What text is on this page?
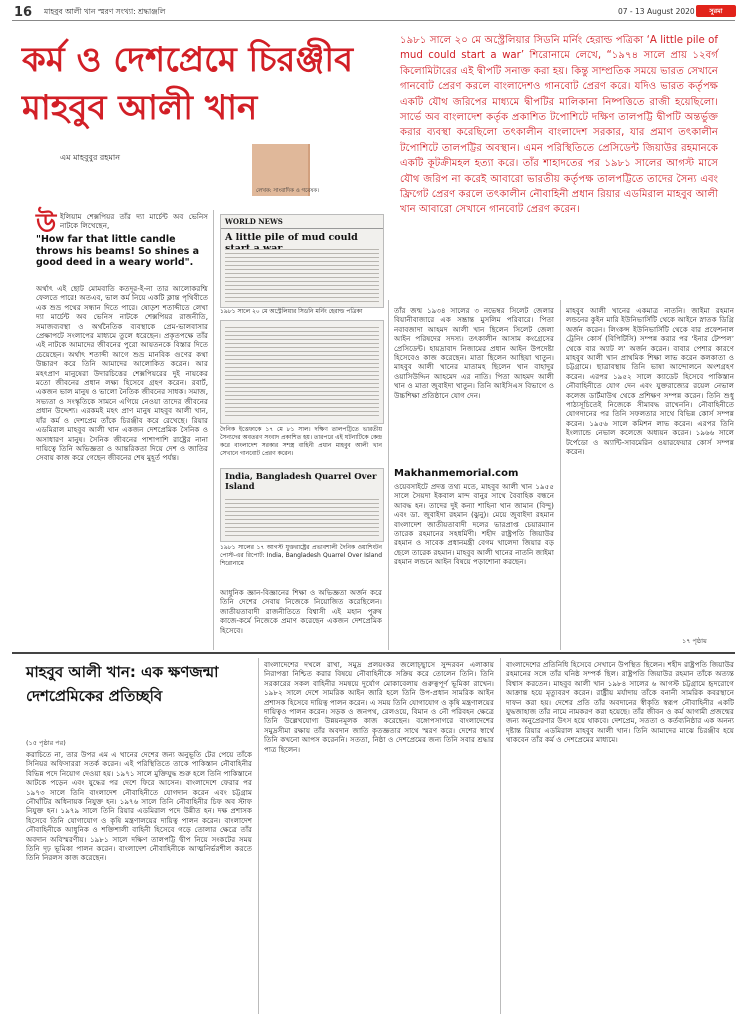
16 মাহবুব আলী খান স্মরণ সংখ্যা: শ্রদ্ধাঞ্জলি	07 - 13 August 2020	সুরমা
কর্ম ও দেশপ্রেমে চিরঞ্জীব মাহবুব আলী খান
১৯৮১ সালে ২০ মে অস্ট্রেলিয়ার সিডনি মর্নিং হেরাল্ড পত্রিকা ‘A little pile of mud could start a war’ শিরোনামে লেখে, “১৯৭৪ সালে প্রায় ১২বর্গ কিলোমিটারের এই দ্বীপটি সনাক্ত করা হয়। কিন্তু সাম্প্রতিক সময়ে ভারত সেখানে গানবোট প্রেরণ করলে বাংলাদেশও গানবোট প্রেরণ করে। যদিও ভারত কর্তৃপক্ষ একটি যৌথ জরিপের মাধ্যমে দ্বীপটির মালিকানা নিষ্পত্তিতে রাজী হয়েছিলো। সার্ভে অব বাংলাদেশ কর্তৃক প্রকাশিত টপোশিটে দক্ষিণ তালপট্টি দ্বীপটি অন্তর্ভুক্ত করার ব্যবস্থা করেছিলো তৎকালীন বাংলাদেশ সরকার, যার প্রমাণ তৎকালীন টপোশিটে তালপট্টির অবস্থান। এমন পরিস্থিতিতে প্রেসিডেন্ট জিয়াউর রহমানকে একটি কূটক্রীমহল হত্যা করে। তাঁর শাহাদতের পর ১৯৮১ সালের আগস্ট মাসে যৌথ জরিপ না করেই আবারো ভারতীয় কর্তৃপক্ষ তালপট্টিতে তাদের সৈন্য এবং ফ্রিগেট প্রেরণ করলে তৎকালীন নৌবাহিনী প্রধান রিয়ার এডমিরাল মাহবুব আলী খান আবারো সেখানে গানবোট প্রেরণ করেন।
এম মাহবুবুর রহমান
লেখক: সাংবাদিক ও গবেষক।
উ ইলিয়াম শেক্সপিয়র তাঁর দ্যা মার্চেন্ট অব ভেনিস নাটকে লিখেছেন,
"How far that little candle throws his beams! So shines a good deed in a weary world".
অর্থাৎ এই ছোট মোমবাতি কতদূর-ই-না তার আলোকরশ্মি ফেলতে পারে! অতএব, ভাল কর্ম নিয়ে একটি ক্লান্ত পৃথিবীতে এক শুভ্র পথের সন্ধান দিতে পারে। ষোড়শ শতাব্দীতে লেখা দ্যা মার্চেন্ট অব ভেনিস নাটকে শেক্সপিয়র রাজনীতি, সমাজব্যবস্থা ও অর্থনৈতিক ব্যবস্থাকে প্রেম-ভালবাসার প্রেক্ষাপটে সংলাপের মাধ্যমে তুলে ধরেছেন। প্রকৃতপক্ষে তাঁর এই নাটকে আমাদের জীবনের পুরো আয়তনকে বিস্তার দিতে চেয়েছেন। অর্থাৎ শতাব্দী আগে শুভ্র মানবিক গুণের কথা উচ্চারণ করে তিনি আমাদের আলোকিত করেন। আর মহৎপ্রাণ মানুষেরা উদারচিত্তের শেক্সপিয়রের দুই নায়কের মতো জীবনের প্রধান লক্ষ্য হিসেবে গ্রহণ করেন। রবার্ট, একজন ভাল মানুষ ও ভালো নৈতিক জীবনের সাধক। সমাজ, সভ্যতা ও সংস্কৃতিকে সামনে এগিয়ে নেওয়া তাদের জীবনের প্রধান উদ্দেশ্য। এরকমই মহৎ প্রাণ মানুষ মাহবুব আলী খান, যাঁর কর্ম ও দেশপ্রেম তাঁকে চিরঞ্জীব করে রেখেছে। রিয়ার এডমিরাল মাহবুব আলী খান একজন দেশপ্রেমিক সৈনিক ও অসাধারণ মানুষ। সৈনিক জীবনের পাশাপাশি রাষ্ট্রের নানা দায়িত্বে তিনি অভিজ্ঞতা ও আন্তরিকতা দিয়ে দেশ ও জাতির সেবায় কাজ করে গেছেন জীবনের শেষ মুহূর্ত পর্যন্ত।
WORLD NEWS
A little pile of mud could
১৯৮১ সালে ২০ মে অস্ট্রেলিয়ার সিডনি মর্নিং হেরাল্ড পত্রিকা
দৈনিক ইত্তেফাকে ১৭ মে ৮১ সাল। দক্ষিণ তালপট্টিতে ভারতীয় সৈন্যদের অবতরণ সংবাদ প্রকাশিত হয়। তারপরে এই ঘটনাটিকে কেন্দ্র করে বাংলাদেশ সরকার সশস্ত্র বাহিনী প্রধান মাহবুব আলী খান সেখানে গানবোট প্রেরণ করেন।
India, Bangladesh Quarrel Over Island
১৯৮১ সালের ১৭ আগস্ট যুক্তরাষ্ট্রের প্রভাবশালী দৈনিক ওয়াশিংটন পোস্ট-এর রিপোর্ট: India, Bangladesh Quarrel Over Island শিরোনামে
আধুনিক জ্ঞান-বিজ্ঞানের শিক্ষা ও অভিজ্ঞতা অর্জন করে তিনি দেশের সেবায় নিজেকে নিয়োজিত করেছিলেন। জাতীয়তাবাদী রাজনীতিতে বিশ্বাসী এই মহান পুরুষ কাজে-কর্মে নিজেকে প্রমাণ করেছেন একজন দেশপ্রেমিক হিসেবে।
তাঁর জন্ম ১৯৩৪ সালের ৩ নভেম্বর সিলেট জেলার বিয়ানীবাজারে এক সম্ভ্রান্ত মুসলিম পরিবারে। পিতা নবাবজাদা আহমদ আলী খান ছিলেন সিলেট জেলা আইন পরিষদের সদস্য। তৎকালীন আসাম কংগ্রেসের প্রেসিডেন্ট। হায়দ্রাবাদ নিজামের প্রধান আইন উপদেষ্টা হিসেবেও কাজ করেছেন। মাতা ছিলেন আছিয়া খাতুন। মাহবুব আলী খানের মাতামহ ছিলেন খান বাহাদুর ওয়াসিউদ্দিন আহমেদ এর নাতি। পিতা আহমদ আলী খান ও মাতা জুবাইদা খাতুন। তিনি আইসিএস বিভাগে ও উচ্চশিক্ষা প্রতিষ্ঠানে যোগ দেন।
Makhanmemorial.com
ওয়েবসাইটে প্রদত্ত তথ্য মতে, মাহবুব আলী খান ১৯৫৫ সালে সৈয়দা ইকবাল মান্দ বানুর সাথে বৈবাহিক বন্ধনে আবদ্ধ হন। তাদের দুই কন্যা শাহিনা খান জামান (বিন্দু) এবং ডা. জুবাইদা রহমান (ঝুনু)। মেয়ে জুবাইদা রহমান বাংলাদেশ জাতীয়তাবাদী দলের ভারপ্রাপ্ত চেয়ারম্যান তারেক রহমানের সহধর্মিণী। শহীদ রাষ্ট্রপতি জিয়াউর রহমান ও সাবেক প্রধানমন্ত্রী বেগম খালেদা জিয়ার বড় ছেলে তারেক রহমান। মাহবুব আলী খানের নাতনি জাইমা রহমান লন্ডনে আইন বিষয়ে পড়াশোনা করছেন।
মাহবুব আলী খানের একমাত্র নাতনি। জাইমা রহমান লন্ডনের কুইন মারি ইউনিভার্সিটি থেকে আইনে স্নাতক ডিগ্রি অর্জন করেন। লিংকন্স ইউনিভার্সিটি থেকে বার প্রফেশনাল ট্রেনিং কোর্স (বিপিটিসি) সম্পন্ন করার পর ‘ইনার টেম্পল’ থেকে বার অ্যাট ল’ অর্জন করেন। বাবার পেশার কারণে মাহবুব আলী খান প্রাথমিক শিক্ষা লাভ করেন কলকাতা ও চট্টগ্রামে। ছাত্রাবস্থায় তিনি ভাষা আন্দোলনে অংশগ্রহণ করেন। এরপর ১৯৫২ সালে ক্যাডেট হিসেবে পাকিস্তান নৌবাহিনীতে যোগ দেন এবং যুক্তরাজ্যের রয়েল নেভাল কলেজ ডার্টমাউথ থেকে প্রশিক্ষণ সম্পন্ন করেন। তিনি শুধু পাঠ্যসূচিতেই নিজেকে সীমাবদ্ধ রাখেননি। নৌবাহিনীতে যোগদানের পর তিনি সফলতার সাথে বিভিন্ন কোর্স সম্পন্ন করেন। ১৯৫৬ সালে কমিশন লাভ করেন। এরপর তিনি ইংল্যান্ডে নেভাল কলেজে অধ্যয়ন করেন। ১৯৬৬ সালে টর্পেডো ও অ্যান্টি-সাবমেরিন ওয়ারফেয়ার কোর্স সম্পন্ন করেন।
১৭ পৃষ্ঠায়
মাহবুব আলী খান: এক ক্ষণজন্মা দেশপ্রেমিকের প্রতিচ্ছবি
(১৫ পৃষ্ঠার পর)
করাচিতে না, তার উপর এম এ খানের দেশের জন্য অনুভূতি টের পেয়ে তাঁকে সিনিয়র অফিসাররা সতর্ক করেন। এই পরিস্থিতিতে তাকে পাকিস্তান নৌবাহিনীর বিভিন্ন পদে নিয়োগ দেওয়া হয়। ১৯৭১ সালে মুক্তিযুদ্ধ শুরু হলে তিনি পাকিস্তানে আটকে পড়েন এবং যুদ্ধের পর দেশে ফিরে আসেন। বাংলাদেশে ফেরার পর ১৯৭৩ সালে তিনি বাংলাদেশ নৌবাহিনীতে যোগদান করেন এবং চট্টগ্রাম নৌঘাঁটির অধিনায়ক নিযুক্ত হন। ১৯৭৬ সালে তিনি নৌবাহিনীর চিফ অব স্টাফ নিযুক্ত হন। ১৯৭৯ সালে তিনি রিয়ার এডমিরাল পদে উন্নীত হন। দক্ষ প্রশাসক হিসেবে তিনি যোগাযোগ ও কৃষি মন্ত্রণালয়ের দায়িত্ব পালন করেন। বাংলাদেশ নৌবাহিনীকে আধুনিক ও শক্তিশালী বাহিনী হিসেবে গড়ে তোলার ক্ষেত্রে তাঁর অবদান অবিস্মরণীয়। ১৯৮১ সালে দক্ষিণ তালপট্টি দ্বীপ নিয়ে সংকটের সময় তিনি দৃঢ় ভূমিকা পালন করেন। বাংলাদেশ নৌবাহিনীকে আত্মনির্ভরশীল করতে তিনি নিরলস কাজ করেছেন।
বাংলাদেশের দখলে রাখা, সমুদ্র প্রলয়ংকর জলোচ্ছ্বাসে সুন্দরবন এলাকায় নিরাপত্তা নিশ্চিত করার বিষয়ে নৌবাহিনীকে সক্রিয় করে তোলেন তিনি। তিনি সরকারের সকল বাহিনীর সমন্বয়ে দুর্যোগ মোকাবেলায় গুরুত্বপূর্ণ ভূমিকা রাখেন। ১৯৮২ সালে দেশে সামরিক আইন জারি হলে তিনি উপ-প্রধান সামরিক আইন প্রশাসক হিসেবে দায়িত্ব পালন করেন। এ সময় তিনি যোগাযোগ ও কৃষি মন্ত্রণালয়ের দায়িত্বও পালন করেন। সড়ক ও জনপথ, রেলওয়ে, বিমান ও নৌ পরিবহন ক্ষেত্রে তিনি উল্লেখযোগ্য উন্নয়নমূলক কাজ করেছেন। বঙ্গোপসাগরে বাংলাদেশের সমুদ্রসীমা রক্ষায় তাঁর অবদান জাতি কৃতজ্ঞতার সাথে স্মরণ করে। দেশের স্বার্থে তিনি কখনো আপস করেননি। সততা, নিষ্ঠা ও দেশপ্রেমের জন্য তিনি সবার শ্রদ্ধার পাত্র ছিলেন।
বাংলাদেশের প্রতিনিধি হিসেবে সেখানে উপস্থিত ছিলেন। শহীদ রাষ্ট্রপতি জিয়াউর রহমানের সঙ্গে তাঁর ঘনিষ্ঠ সম্পর্ক ছিল। রাষ্ট্রপতি জিয়াউর রহমান তাঁকে অত্যন্ত বিশ্বাস করতেন। মাহবুব আলী খান ১৯৮৪ সালের ৬ আগস্ট চট্টগ্রামে হৃদরোগে আক্রান্ত হয়ে মৃত্যুবরণ করেন। রাষ্ট্রীয় মর্যাদায় তাঁকে বনানী সামরিক কবরস্থানে দাফন করা হয়। দেশের প্রতি তাঁর অবদানের স্বীকৃতি স্বরূপ নৌবাহিনীর একটি যুদ্ধজাহাজ তাঁর নামে নামকরণ করা হয়েছে। তাঁর জীবন ও কর্ম আগামী প্রজন্মের জন্য অনুপ্রেরণার উৎস হয়ে থাকবে। দেশপ্রেম, সততা ও কর্তব্যনিষ্ঠার এক অনন্য দৃষ্টান্ত রিয়ার এডমিরাল মাহবুব আলী খান। তিনি আমাদের মাঝে চিরঞ্জীব হয়ে থাকবেন তাঁর কর্ম ও দেশপ্রেমের মাধ্যমে।
